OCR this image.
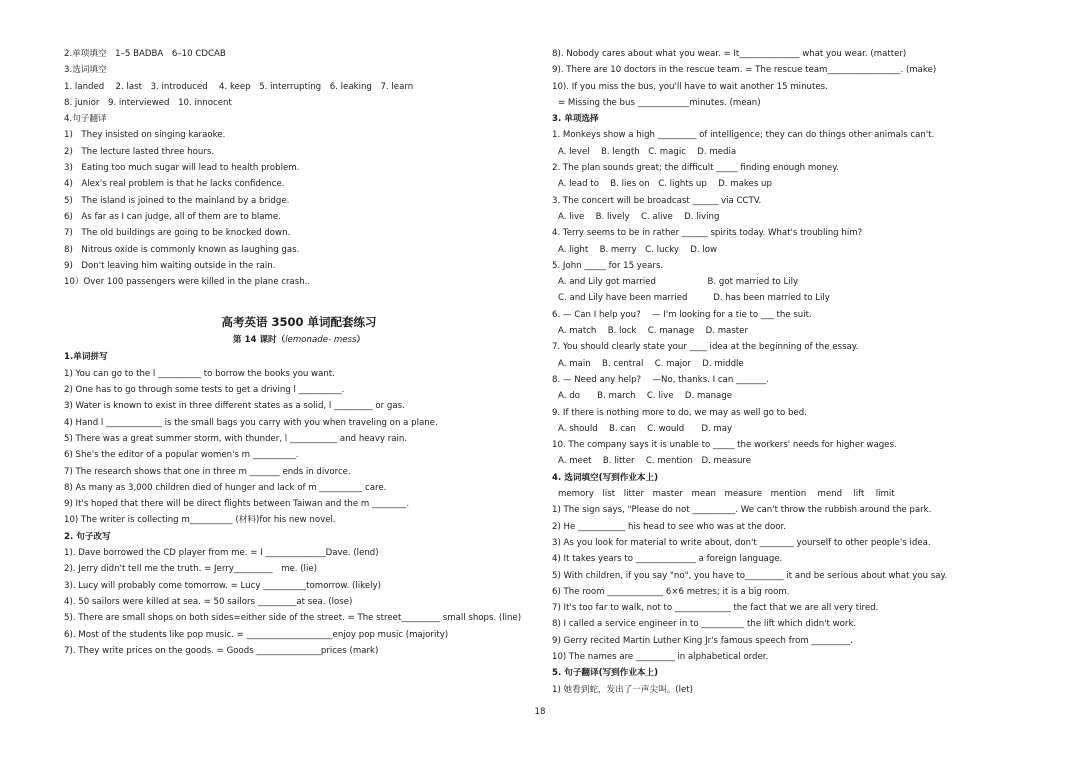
2.单项填空　1–5 BADBA　6–10 CDCAB
3.选词填空
1. landed　 2. last　3. introduced　 4. keep　5. interrupting　6. leaking　7. learn
8. junior　9. interviewed　10. innocent
4.句子翻译
1)　They insisted on singing karaoke.
2)　The lecture lasted three hours.
3)　Eating too much sugar will lead to health problem.
4)　Alex's real problem is that he lacks confidence.
5)　The island is joined to the mainland by a bridge.
6)　As far as I can judge, all of them are to blame.
7)　The old buildings are going to be knocked down.
8)　Nitrous oxide is commonly known as laughing gas.
9)　Don't leaving him waiting outside in the rain.
10）Over 100 passengers were killed in the plane crash..
高考英语 3500 单词配套练习
第 14 课时（lemonade- mess）
1.单词拼写
1) You can go to the l __________ to borrow the books you want.
2) One has to go through some tests to get a driving l __________.
3) Water is known to exist in three different states as a solid, l _________ or gas.
4) Hand l _____________ is the small bags you carry with you when traveling on a plane.
5) There was a great summer storm, with thunder, l ___________ and heavy rain.
6) She's the editor of a popular women's m __________.
7) The research shows that one in three m _______ ends in divorce.
8) As many as 3,000 children died of hunger and lack of m __________ care.
9) It's hoped that there will be direct flights between Taiwan and the m ________.
10) The writer is collecting m__________ (材料)for his new novel.
2. 句子改写
1). Dave borrowed the CD player from me. = I ______________Dave. (lend)
2). Jerry didn't tell me the truth. = Jerry_________　me. (lie)
3). Lucy will probably come tomorrow. = Lucy __________tomorrow. (likely)
4). 50 sailors were killed at sea. = 50 sailors _________at sea. (lose)
5). There are small shops on both sides=either side of the street. = The street_________ small shops. (line)
6). Most of the students like pop music. = ____________________enjoy pop music (majority)
7). They write prices on the goods. = Goods _______________prices (mark)
8). Nobody cares about what you wear. = It______________ what you wear. (matter)
9). There are 10 doctors in the rescue team. = The rescue team_________________. (make)
10). If you miss the bus, you'll have to wait another 15 minutes.
= Missing the bus ____________minutes. (mean)
3. 单项选择
1. Monkeys show a high _________ of intelligence; they can do things other animals can't.
A. level　 B. length　C. magic　 D. media
2. The plan sounds great; the difficult _____ finding enough money.
A. lead to　 B. lies on　C. lights up　 D. makes up
3. The concert will be broadcast ______ via CCTV.
A. live　 B. lively　 C. alive　 D. living
4. Terry seems to be in rather ______ spirits today. What's troubling him?
A. light　 B. merry　C. lucky　 D. low
5. John _____ for 15 years.
A. and Lily got married　　　　　　B. got married to Lily
C. and Lily have been married　　　D. has been married to Lily
6. — Can I help you?　 — I'm looking for a tie to ___ the suit.
A. match　 B. lock　 C. manage　 D. master
7. You should clearly state your ____ idea at the beginning of the essay.
A. main　 B. central　 C. major　 D. middle
8. — Need any help?　 —No, thanks. I can _______.
A. do　　B. march　 C. live　 D. manage
9. If there is nothing more to do, we may as well go to bed.
A. should　 B. can　 C. would　　D. may
10. The company says it is unable to _____ the workers' needs for higher wages.
A. meet　 B. litter　 C. mention　D. measure
4. 选词填空(写到作业本上)
memory　list　litter　master　mean　measure　mention　 mend　 lift　 limit
1) The sign says, "Please do not __________. We can't throw the rubbish around the park.
2) He ___________ his head to see who was at the door.
3) As you look for material to write about, don't ________ yourself to other people's idea.
4) It takes years to ______________ a foreign language.
5) With children, if you say "no", you have to_________ it and be serious about what you say.
6) The room _____________ 6×6 metres; it is a big room.
7) It's too far to walk, not to _____________ the fact that we are all very tired.
8) I called a service engineer in to __________ the lift which didn't work.
9) Gerry recited Martin Luther King Jr's famous speech from _________.
10) The names are _________ in alphabetical order.
5. 句子翻译(写到作业本上)
1) 她看到蛇，发出了一声尖叫。(let)
18
